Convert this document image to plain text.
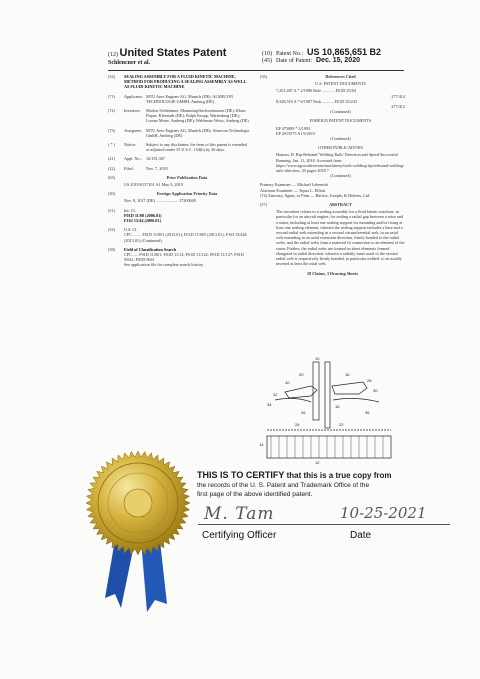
(12) United States Patent
Schlencner et al.
(10) Patent No.: US 10,865,651 B2
(45) Date of Patent: Dec. 15, 2020
(54)	SEALING ASSEMBLY FOR A FLUID KINETIC MACHINE, METHOD FOR PRODUCING A SEALING ASSEMBLY AS WELL AS FLUID KINETIC MACHINE
(71)	Applicants: MTU Aero Engines AG, Munich (DE); ALMECON TECHNOLOGIE GMBH, Amberg (DE)
(72)	Inventors:	Marlon Schlemmer, Mamming/Sachsenhausen (DE); Klaus Pieper, Kleestadt (DE); Ralph Kropp, Wartenberg (DE); Lorenz Meier, Amberg (DE); Waldemar Weiss, Amberg (DE)
(73)	Assignees: MTU Aero Engines AG, Munich (DE); Almecon Technologie GmbH, Amberg (DE)
( * )	Notice:	Subject to any disclaimer, the term of this patent is extended or adjusted under 35 U.S.C. 154(b) by 36 days.
(21)	Appl. No.:	16/181,367
(22)	Filed:	Nov. 7, 2018
(65)	Prior Publication Data
US 2019/0137101 A1 May 9, 2019
(30)	Foreign Application Priority Data
Nov. 9, 2017 (DE) ..................... 17200949
(51)	Int. Cl.
F01D 11/08 (2006.01)
F16J 15/44 (2006.01)
(52)	U.S. Cl.
CPC ........ F01D 11/001 (2013.01); F01D 11/005 (2013.01); F16J 15/444 (2013.01) (Continued)
(58)	Field of Classification Search
CPC ..... F01D 11/001; F01D 11/12; F01D 11/122; F01D 11/127; F01D 9/041; F05D 9041
See application file for complete search history.
(56)	References Cited
U.S. PATENT DOCUMENTS
7,201,487 A * 2/1986 Bole ............ F01D 25/04
277/414
8,328,519 A * 6/1987 Pask ........... F01D 25/243
277/412
(Continued)
FOREIGN PATENT DOCUMENTS
EP 475089 * 4/1992
EP 2913575 A1 9/2015
(Continued)
OTHER PUBLICATIONS
Hansen, D. Rip-Rebrand 'Welding Rails' Direction and Speed Successful Running, Jan. 11, 2018. Accessed from https://www.agrocultivecom/machinery/tools-welding-tips/rebrand-welding-rails-direction, 20 pages 2018.*
(Continued)
Primary Examiner — Michael Lebentritt
Assistant Examiner — Topaz L. Elliott
(74) Attorney, Agent, or Firm — Barlow, Josephs & Holmes, Ltd.
(57)	ABSTRACT
The invention relates to a sealing assembly for a fluid kinetic machine, in particular for an aircraft engine, for sealing a radial gap between a rotor and a stator, including at least one sealing support for mounting and/or fixing at least one sealing element, wherein the sealing support includes a base and a second radial web extending in a second circumferential web, in an axial web extending in an axial extension direction, firmly bonded to the radial webs, and the radial webs form a material fit connection to an element of the stator. Further, the radial webs are formed as sheet elements formed elongated in radial direction, wherein a radially inner axial of the second radial web is respectively firmly bonded, in particular welded, to an axially inserted at least the axial web.
18 Claims, 3 Drawing Sheets
10
20
40
16
28
30
32
34	18
26	36
24	22
14
12
THIS IS TO CERTIFY that this is a true copy from
the records of the U. S. Patent and Trademark Office of the
first page of the above identified patent.
M. Tam	10-25-2021
Certifying Officer	Date
